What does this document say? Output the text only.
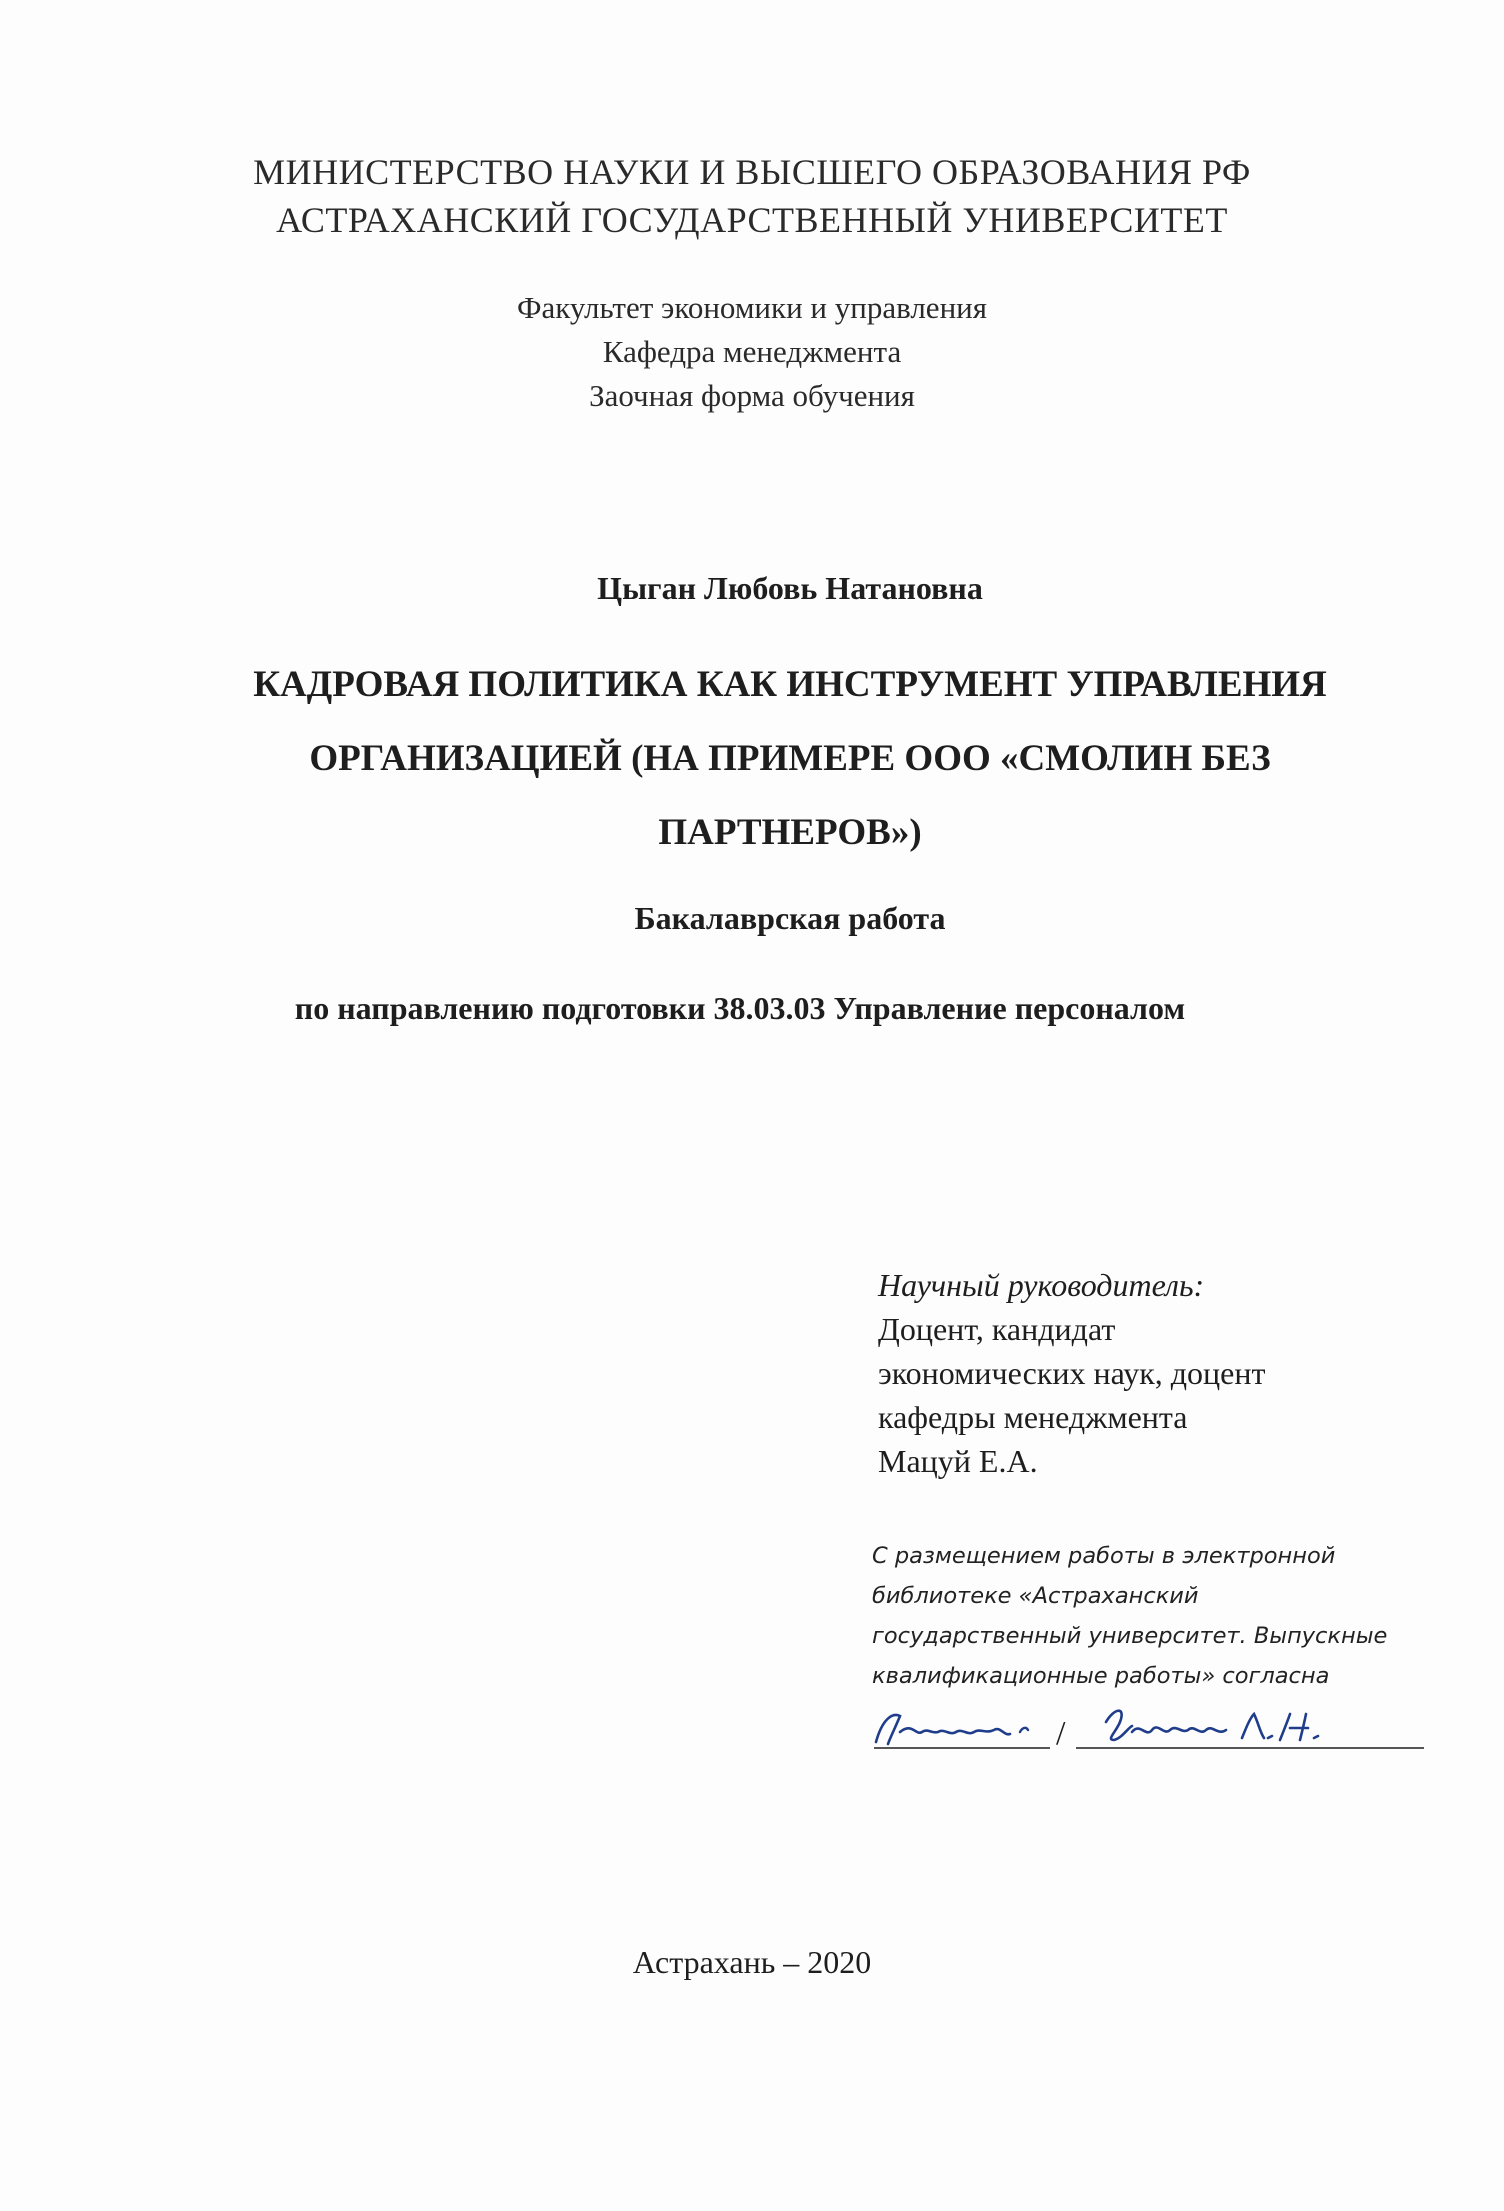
МИНИСТЕРСТВО НАУКИ И ВЫСШЕГО ОБРАЗОВАНИЯ РФ
АСТРАХАНСКИЙ ГОСУДАРСТВЕННЫЙ УНИВЕРСИТЕТ
Факультет экономики и управления
Кафедра менеджмента
Заочная форма обучения
Цыган Любовь Натановна
КАДРОВАЯ ПОЛИТИКА КАК ИНСТРУМЕНТ УПРАВЛЕНИЯ
ОРГАНИЗАЦИЕЙ (НА ПРИМЕРЕ ООО «СМОЛИН БЕЗ
ПАРТНЕРОВ»)
Бакалаврская работа
по направлению подготовки 38.03.03 Управление персоналом
Научный руководитель:
Доцент, кандидат
экономических наук, доцент
кафедры менеджмента
Мацуй Е.А.
С размещением работы в электронной
библиотеке «Астраханский
государственный университет. Выпускные
квалификационные работы» согласна
/
Астрахань – 2020
